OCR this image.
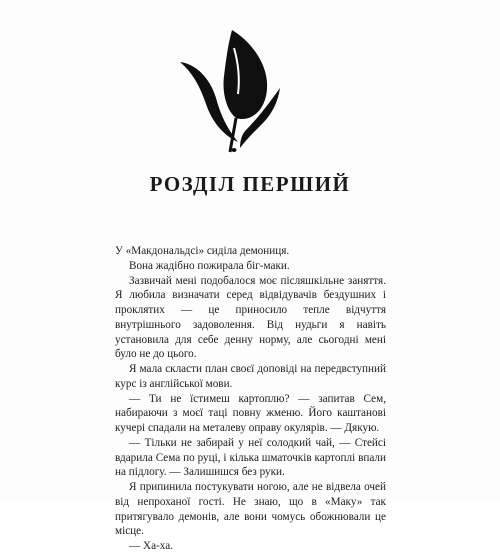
РОЗДІЛ ПЕРШИЙ

У «Макдональдсі» сиділа демониця.

Вона жадібно пожирала біг-маки.

Зазвичай мені подобалося моє післяшкільне заняття. Я любила визначати серед відвідувачів бездушних і проклятих — це приносило тепле відчуття внутрішнього задоволення. Від нудьги я навіть установила для себе денну норму, але сьогодні мені було не до цього.

Я мала скласти план своєї доповіді на передвступний курс із англійської мови.

— Ти не їстимеш картоплю? — запитав Сем, набираючи з моєї таці повну жменю. Його каштанові кучері спадали на металеву оправу окулярів. — Дякую.

— Тільки не забирай у неї солодкий чай, — Стейсі вдарила Сема по руці, і кілька шматочків картоплі впали на підлогу. — Залишишся без руки.

Я припинила постукувати ногою, але не відвела очей від непроханої гості. Не знаю, що в «Маку» так притягувало демонів, але вони чомусь обожнювали це місце.

— Ха-ха.
